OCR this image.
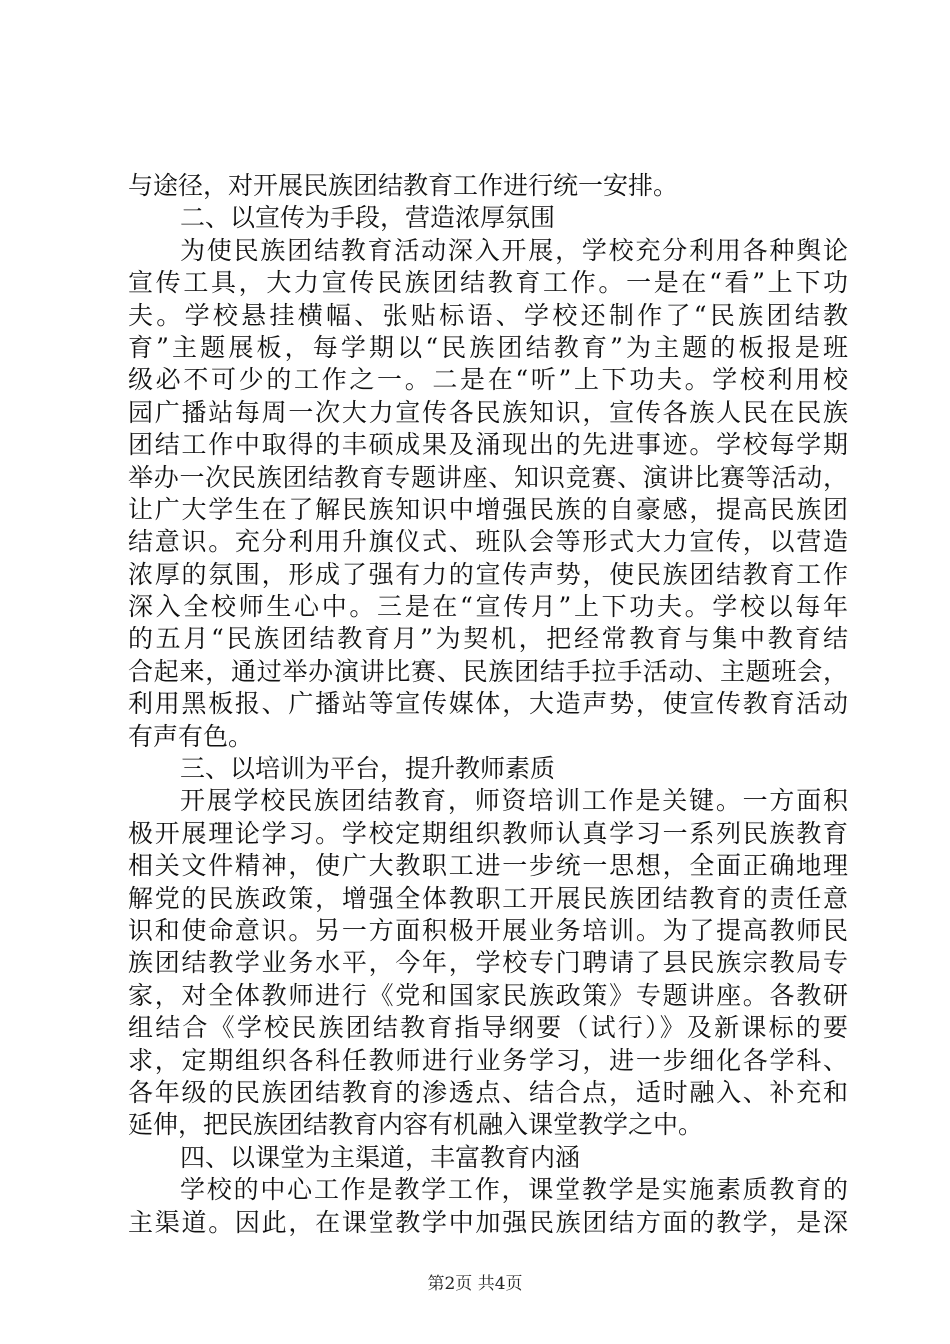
与途径，对开展民族团结教育工作进行统一安排。
二、以宣传为手段，营造浓厚氛围
为使民族团结教育活动深入开展，学校充分利用各种舆论
宣传工具，大力宣传民族团结教育工作。一是在“看”上下功
夫。学校悬挂横幅、张贴标语、学校还制作了“民族团结教
育”主题展板，每学期以“民族团结教育”为主题的板报是班
级必不可少的工作之一。二是在“听”上下功夫。学校利用校
园广播站每周一次大力宣传各民族知识，宣传各族人民在民族
团结工作中取得的丰硕成果及涌现出的先进事迹。学校每学期
举办一次民族团结教育专题讲座、知识竞赛、演讲比赛等活动，
让广大学生在了解民族知识中增强民族的自豪感，提高民族团
结意识。充分利用升旗仪式、班队会等形式大力宣传，以营造
浓厚的氛围，形成了强有力的宣传声势，使民族团结教育工作
深入全校师生心中。三是在“宣传月”上下功夫。学校以每年
的五月“民族团结教育月”为契机，把经常教育与集中教育结
合起来，通过举办演讲比赛、民族团结手拉手活动、主题班会，
利用黑板报、广播站等宣传媒体，大造声势，使宣传教育活动
有声有色。
三、以培训为平台，提升教师素质
开展学校民族团结教育，师资培训工作是关键。一方面积
极开展理论学习。学校定期组织教师认真学习一系列民族教育
相关文件精神，使广大教职工进一步统一思想，全面正确地理
解党的民族政策，增强全体教职工开展民族团结教育的责任意
识和使命意识。另一方面积极开展业务培训。为了提高教师民
族团结教学业务水平，今年，学校专门聘请了县民族宗教局专
家，对全体教师进行《党和国家民族政策》专题讲座。各教研
组结合《学校民族团结教育指导纲要（试行）》及新课标的要
求，定期组织各科任教师进行业务学习，进一步细化各学科、
各年级的民族团结教育的渗透点、结合点，适时融入、补充和
延伸，把民族团结教育内容有机融入课堂教学之中。
四、以课堂为主渠道，丰富教育内涵
学校的中心工作是教学工作，课堂教学是实施素质教育的
主渠道。因此，在课堂教学中加强民族团结方面的教学，是深
第2页 共4页
